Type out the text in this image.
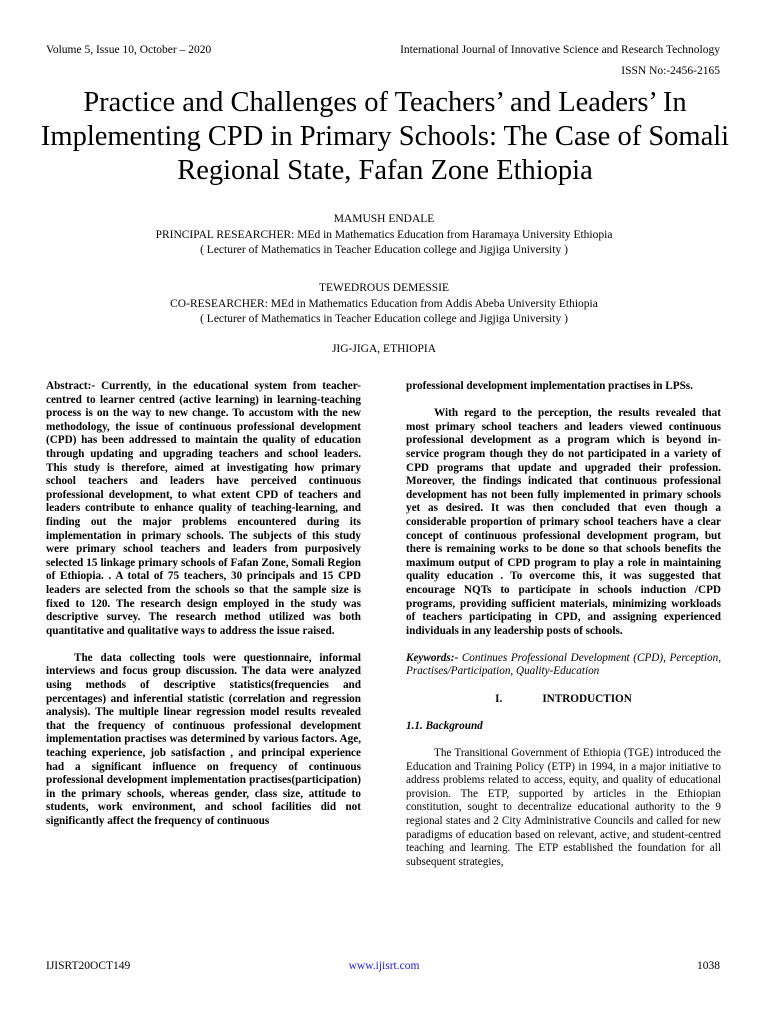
Volume 5, Issue 10, October – 2020	International Journal of Innovative Science and Research Technology
ISSN No:-2456-2165
Practice and Challenges of Teachers’ and Leaders’ In Implementing CPD in Primary Schools: The Case of Somali Regional State, Fafan Zone Ethiopia
MAMUSH ENDALE
PRINCIPAL RESEARCHER: MEd in Mathematics Education from Haramaya University Ethiopia
( Lecturer of Mathematics in Teacher Education college and Jigjiga University )
TEWEDROUS DEMESSIE
CO-RESEARCHER: MEd in Mathematics Education from Addis Abeba University Ethiopia
( Lecturer of Mathematics in Teacher Education college and Jigjiga University )
JIG-JIGA, ETHIOPIA

Abstract:- Currently, in the educational system from teacher-centred to learner centred (active learning) in learning-teaching process is on the way to new change. To accustom with the new methodology, the issue of continuous professional development (CPD) has been addressed to maintain the quality of education through updating and upgrading teachers and school leaders. This study is therefore, aimed at investigating how primary school teachers and leaders have perceived continuous professional development, to what extent CPD of teachers and leaders contribute to enhance quality of teaching-learning, and finding out the major problems encountered during its implementation in primary schools. The subjects of this study were primary school teachers and leaders from purposively selected 15 linkage primary schools of Fafan Zone, Somali Region of Ethiopia. . A total of 75 teachers, 30 principals and 15 CPD leaders are selected from the schools so that the sample size is fixed to 120. The research design employed in the study was descriptive survey. The research method utilized was both quantitative and qualitative ways to address the issue raised.

The data collecting tools were questionnaire, informal interviews and focus group discussion. The data were analyzed using methods of descriptive statistics(frequencies and percentages) and inferential statistic (correlation and regression analysis). The multiple linear regression model results revealed that the frequency of continuous professional development implementation practises was determined by various factors. Age, teaching experience, job satisfaction , and principal experience had a significant influence on frequency of continuous professional development implementation practises(participation) in the primary schools, whereas gender, class size, attitude to students, work environment, and school facilities did not significantly affect the frequency of continuous

professional development implementation practises in LPSs.

With regard to the perception, the results revealed that most primary school teachers and leaders viewed continuous professional development as a program which is beyond in-service program though they do not participated in a variety of CPD programs that update and upgraded their profession. Moreover, the findings indicated that continuous professional development has not been fully implemented in primary schools yet as desired. It was then concluded that even though a considerable proportion of primary school teachers have a clear concept of continuous professional development program, but there is remaining works to be done so that schools benefits the maximum output of CPD program to play a role in maintaining quality education . To overcome this, it was suggested that encourage NQTs to participate in schools induction /CPD programs, providing sufficient materials, minimizing workloads of teachers participating in CPD, and assigning experienced individuals in any leadership posts of schools.

Keywords:- Continues Professional Development (CPD), Perception, Practises/Participation, Quality-Education

I.	INTRODUCTION

1.1. Background

The Transitional Government of Ethiopia (TGE) introduced the Education and Training Policy (ETP) in 1994, in a major initiative to address problems related to access, equity, and quality of educational provision. The ETP, supported by articles in the Ethiopian constitution, sought to decentralize educational authority to the 9 regional states and 2 City Administrative Councils and called for new paradigms of education based on relevant, active, and student-centred teaching and learning. The ETP established the foundation for all subsequent strategies,

IJISRT20OCT149	www.ijisrt.com	1038
